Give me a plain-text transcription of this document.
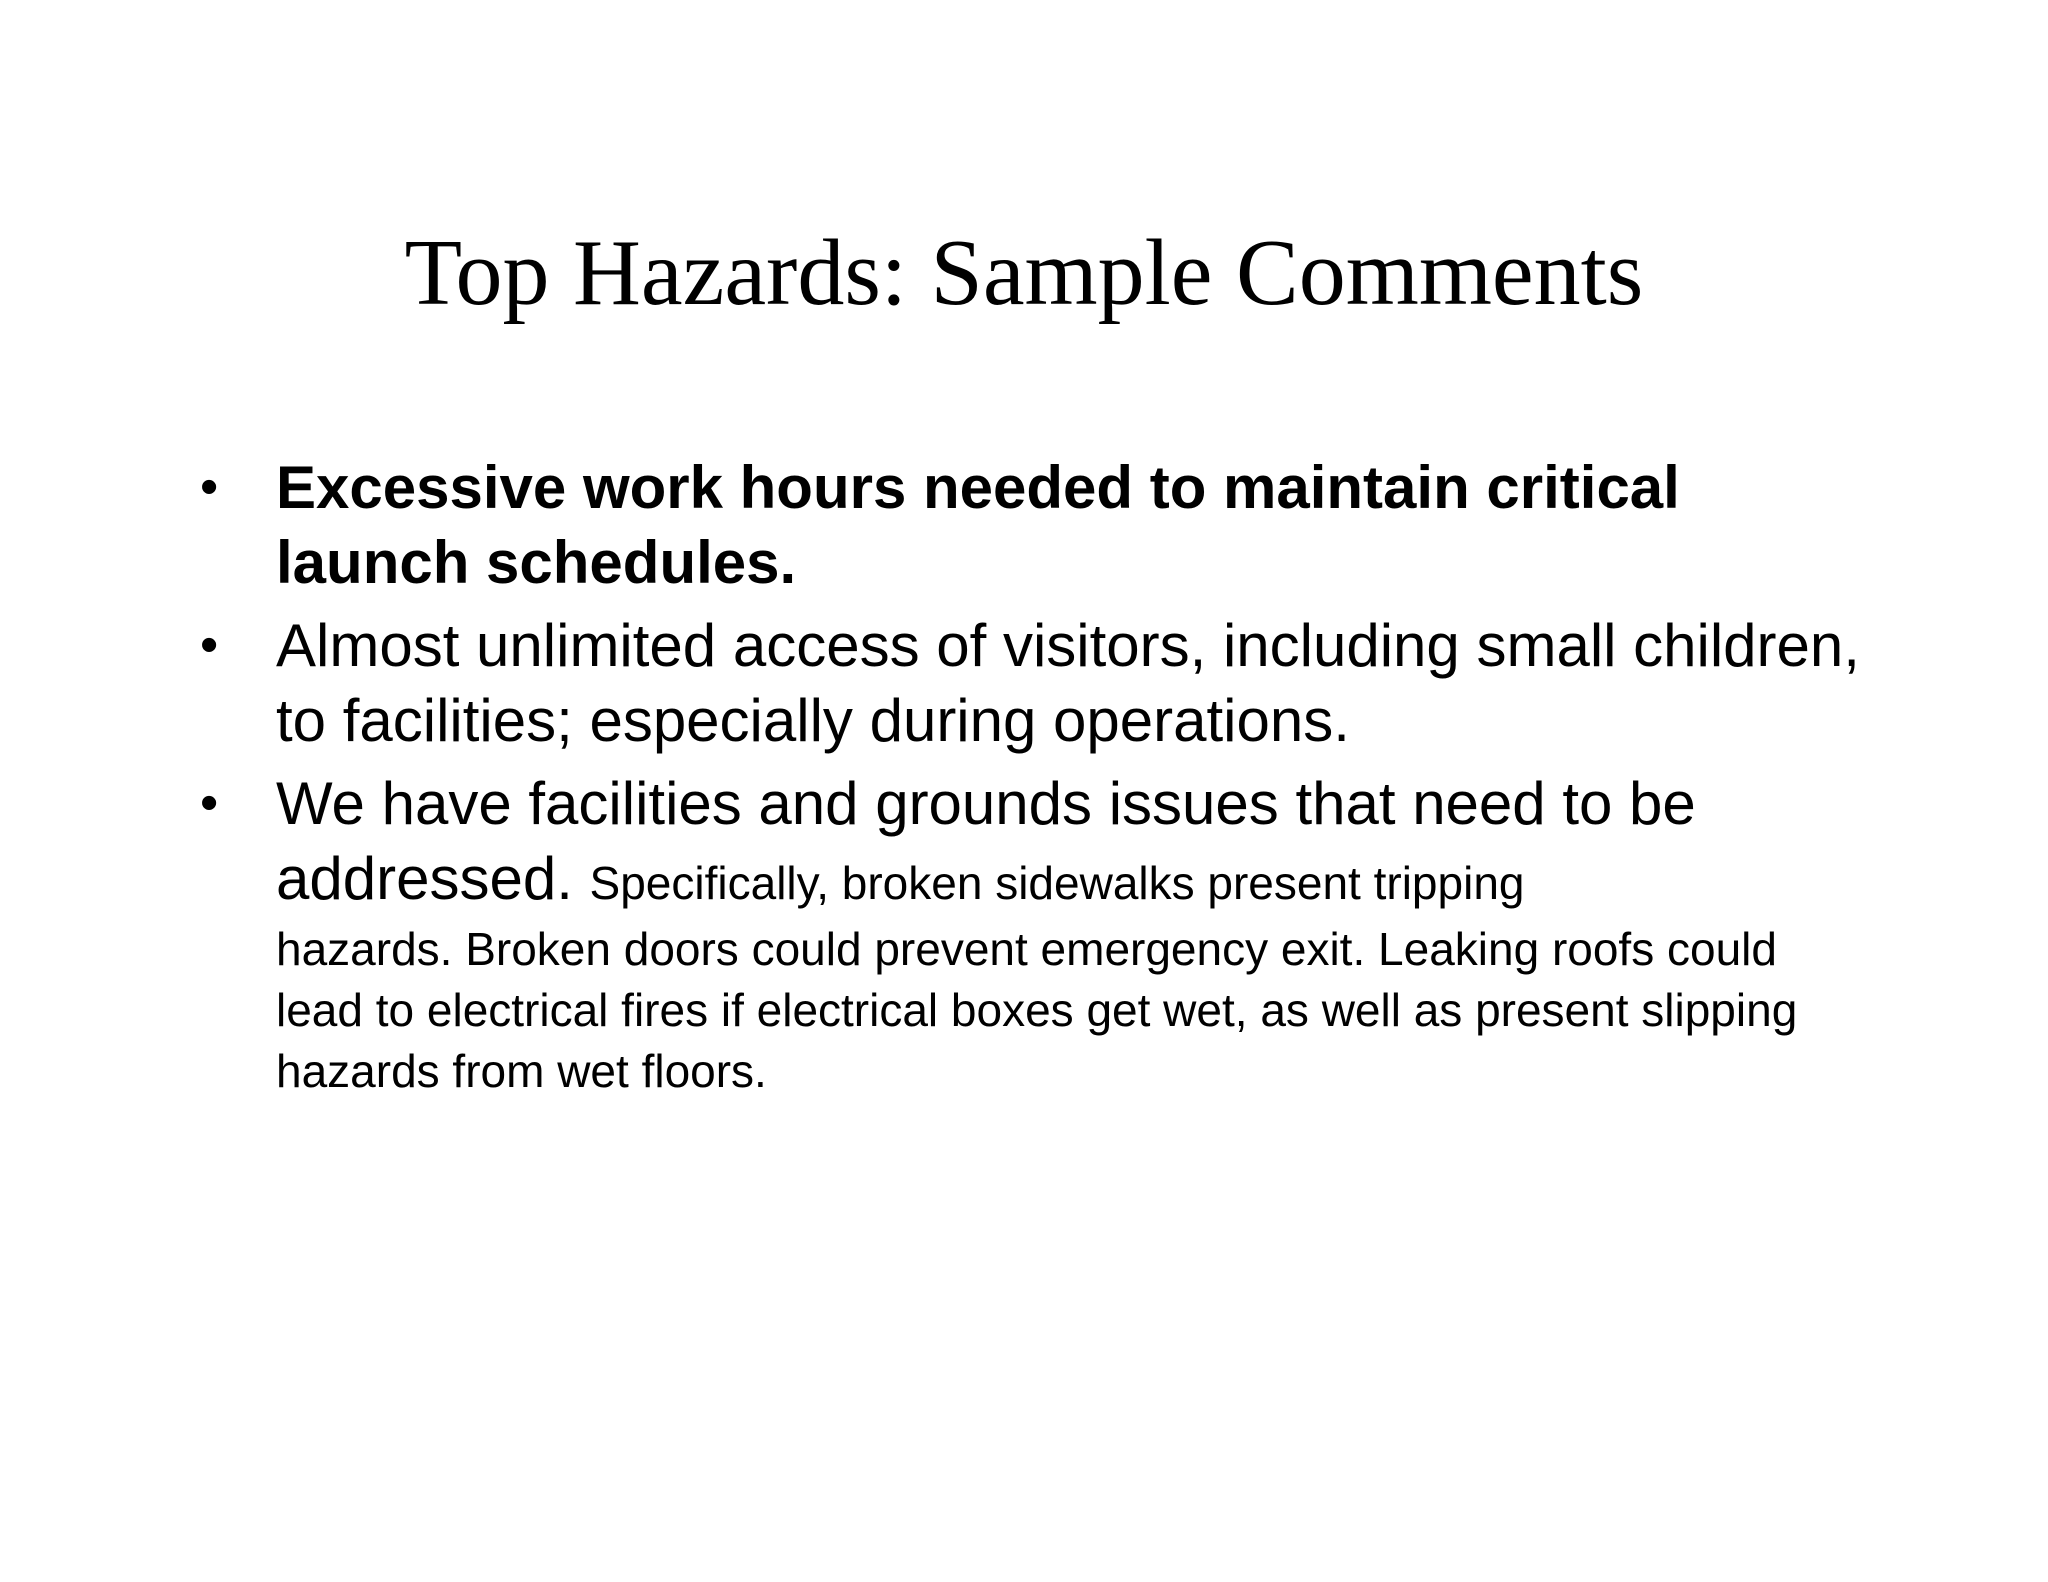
Top Hazards: Sample Comments
• Excessive work hours needed to maintain critical launch schedules.
• Almost unlimited access of visitors, including small children, to facilities; especially during operations.
• We have facilities and grounds issues that need to be addressed. Specifically, broken sidewalks present tripping
hazards. Broken doors could prevent emergency exit. Leaking roofs could lead to electrical fires if electrical boxes get wet, as well as present slipping hazards from wet floors.
